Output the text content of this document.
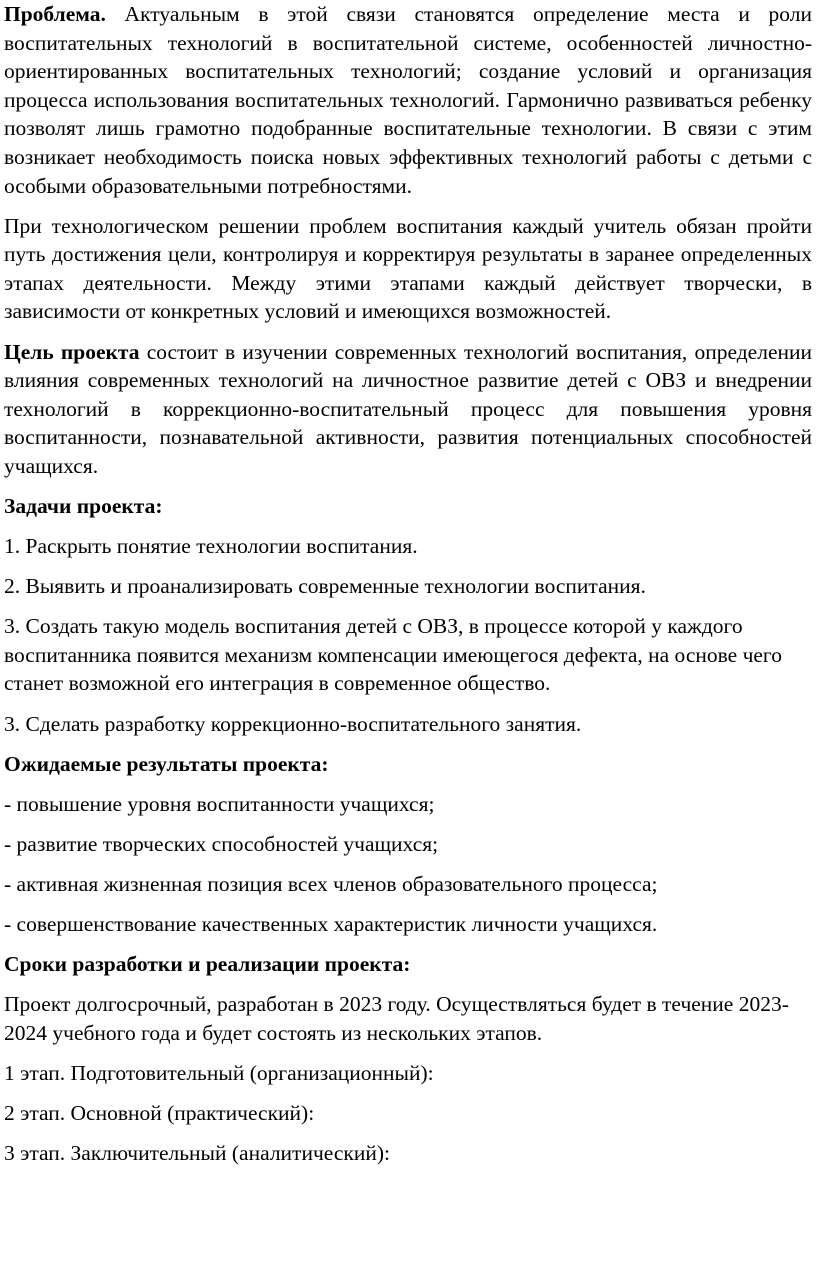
Проблема. Актуальным в этой связи становятся определение места и роли воспитательных технологий в воспитательной системе, особенностей личностно-ориентированных воспитательных технологий; создание условий и организация процесса использования воспитательных технологий. Гармонично развиваться ребенку позволят лишь грамотно подобранные воспитательные технологии. В связи с этим возникает необходимость поиска новых эффективных технологий работы с детьми с особыми образовательными потребностями.

При технологическом решении проблем воспитания каждый учитель обязан пройти путь достижения цели, контролируя и корректируя результаты в заранее определенных этапах деятельности. Между этими этапами каждый действует творчески, в зависимости от конкретных условий и имеющихся возможностей.

Цель проекта состоит в изучении современных технологий воспитания, определении влияния современных технологий на личностное развитие детей с ОВЗ и внедрении технологий в коррекционно-воспитательный процесс для повышения уровня воспитанности, познавательной активности, развития потенциальных способностей учащихся.

Задачи проекта:

1. Раскрыть понятие технологии воспитания.

2. Выявить и проанализировать современные технологии воспитания.

3. Создать такую модель воспитания детей с ОВЗ, в процессе которой у каждого воспитанника появится механизм компенсации имеющегося дефекта, на основе чего станет возможной его интеграция в современное общество.

3. Сделать разработку коррекционно-воспитательного занятия.

Ожидаемые результаты проекта:

- повышение уровня воспитанности учащихся;

- развитие творческих способностей учащихся;

- активная жизненная позиция всех членов образовательного процесса;

- совершенствование качественных характеристик личности учащихся.

Сроки разработки и реализации проекта:

Проект долгосрочный, разработан в 2023 году. Осуществляться будет в течение 2023-2024 учебного года и будет состоять из нескольких этапов.

1 этап. Подготовительный (организационный):

2 этап. Основной (практический):

3 этап. Заключительный (аналитический):
